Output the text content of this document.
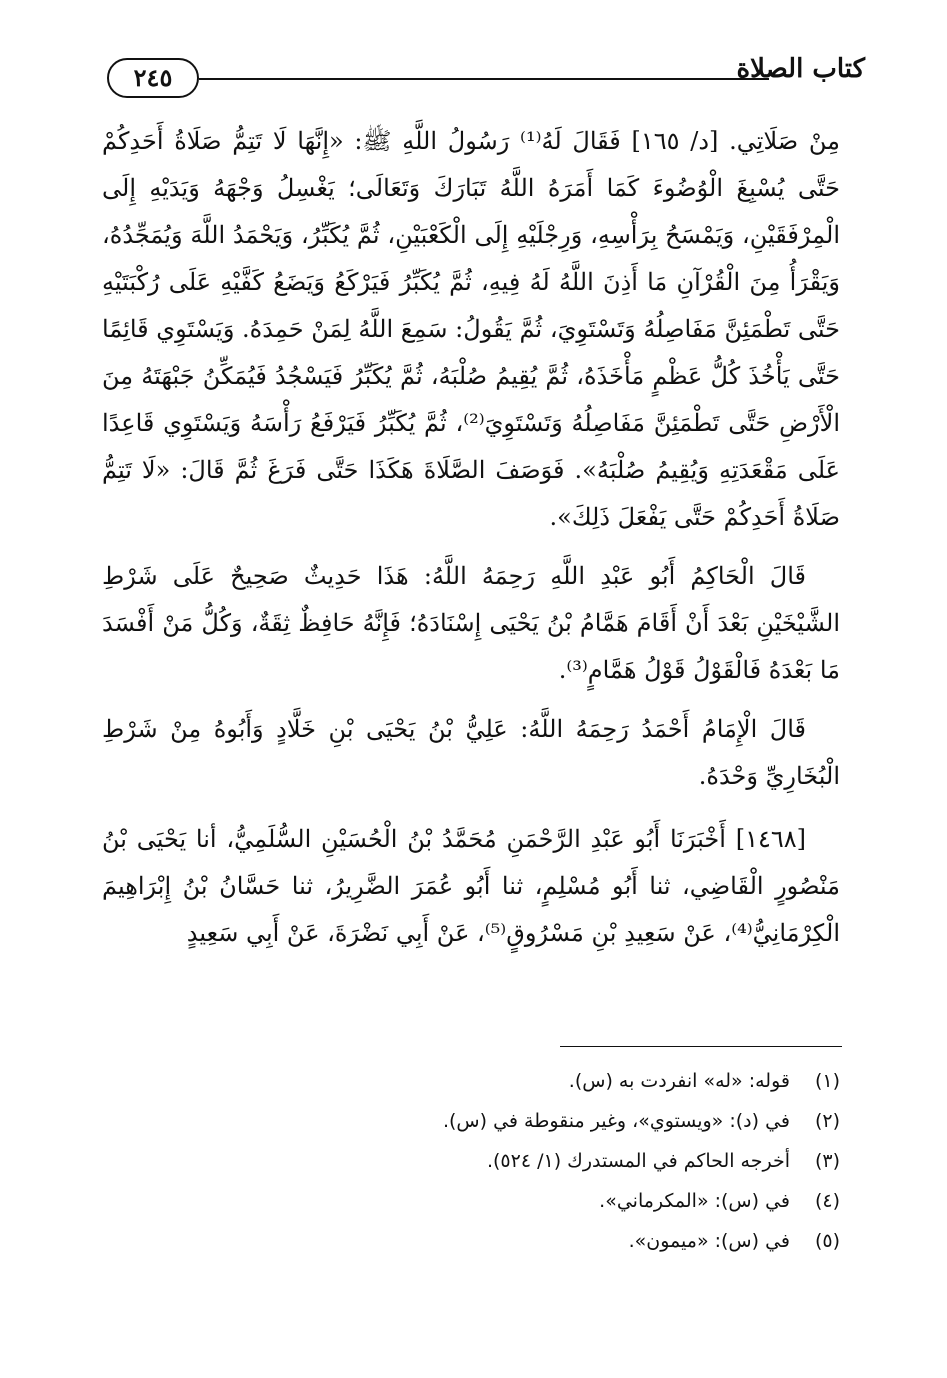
٢٤٥	كتاب الصلاة

مِنْ صَلَاتِي. [د/ ١٦٥] فَقَالَ لَهُ⁽¹⁾ رَسُولُ اللَّهِ ﷺ: «إِنَّهَا لَا تَتِمُّ صَلَاةُ أَحَدِكُمْ حَتَّى يُسْبِغَ الْوُضُوءَ كَمَا أَمَرَهُ اللَّهُ تَبَارَكَ وَتَعَالَى؛ يَغْسِلُ وَجْهَهُ وَيَدَيْهِ إِلَى الْمِرْفَقَيْنِ، وَيَمْسَحُ بِرَأْسِهِ، وَرِجْلَيْهِ إِلَى الْكَعْبَيْنِ، ثُمَّ يُكَبِّرُ، وَيَحْمَدُ اللَّهَ وَيُمَجِّدُهُ، وَيَقْرَأُ مِنَ الْقُرْآنِ مَا أَذِنَ اللَّهُ لَهُ فِيهِ، ثُمَّ يُكَبِّرُ فَيَرْكَعُ وَيَضَعُ كَفَّيْهِ عَلَى رُكْبَتَيْهِ حَتَّى تَطْمَئِنَّ مَفَاصِلُهُ وَتَسْتَوِيَ، ثُمَّ يَقُولُ: سَمِعَ اللَّهُ لِمَنْ حَمِدَهُ. وَيَسْتَوِي قَائِمًا حَتَّى يَأْخُذَ كُلُّ عَظْمٍ مَأْخَذَهُ، ثُمَّ يُقِيمُ صُلْبَهُ، ثُمَّ يُكَبِّرُ فَيَسْجُدُ فَيُمَكِّنُ جَبْهَتَهُ مِنَ الْأَرْضِ حَتَّى تَطْمَئِنَّ مَفَاصِلُهُ وَتَسْتَوِيَ⁽²⁾، ثُمَّ يُكَبِّرُ فَيَرْفَعُ رَأْسَهُ وَيَسْتَوِي قَاعِدًا عَلَى مَقْعَدَتِهِ وَيُقِيمُ صُلْبَهُ». فَوَصَفَ الصَّلَاةَ هَكَذَا حَتَّى فَرَغَ ثُمَّ قَالَ: «لَا تَتِمُّ صَلَاةُ أَحَدِكُمْ حَتَّى يَفْعَلَ ذَلِكَ».

قَالَ الْحَاكِمُ أَبُو عَبْدِ اللَّهِ رَحِمَهُ اللَّهُ: هَذَا حَدِيثٌ صَحِيحٌ عَلَى شَرْطِ الشَّيْخَيْنِ بَعْدَ أَنْ أَقَامَ هَمَّامُ بْنُ يَحْيَى إِسْنَادَهُ؛ فَإِنَّهُ حَافِظٌ ثِقَةٌ، وَكُلُّ مَنْ أَفْسَدَ مَا بَعْدَهُ فَالْقَوْلُ قَوْلُ هَمَّامٍ⁽³⁾.

قَالَ الْإِمَامُ أَحْمَدُ رَحِمَهُ اللَّهُ: عَلِيُّ بْنُ يَحْيَى بْنِ خَلَّادٍ وَأَبُوهُ مِنْ شَرْطِ الْبُخَارِيِّ وَحْدَهُ.

[١٤٦٨] أَخْبَرَنَا أَبُو عَبْدِ الرَّحْمَنِ مُحَمَّدُ بْنُ الْحُسَيْنِ السُّلَمِيُّ، أنا يَحْيَى بْنُ مَنْصُورٍ الْقَاضِي، ثنا أَبُو مُسْلِمٍ، ثنا أَبُو عُمَرَ الضَّرِيرُ، ثنا حَسَّانُ بْنُ إِبْرَاهِيمَ الْكِرْمَانِيُّ⁽⁴⁾، عَنْ سَعِيدِ بْنِ مَسْرُوقٍ⁽⁵⁾، عَنْ أَبِي نَضْرَةَ، عَنْ أَبِي سَعِيدٍ

(١)
قوله: «له» انفردت به (س).
(٢)
في (د): «ويستوي»، وغير منقوطة في (س).
(٣)
أخرجه الحاكم في المستدرك (١/ ٥٢٤).
(٤)
في (س): «المكرماني».
(٥)
في (س): «ميمون».
